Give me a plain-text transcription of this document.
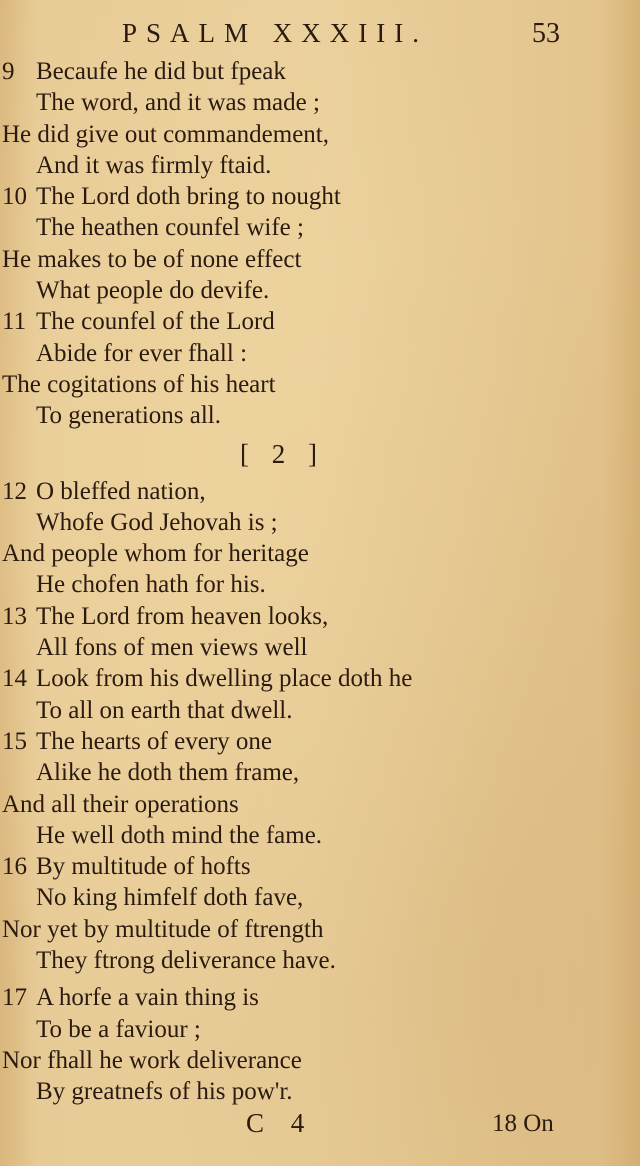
PSALM XXXIII.	53
9 Becaufe he did but fpeak
The word, and it was made ;
He did give out commandement,
And it was firmly ftaid.
10 The Lord doth bring to nought
The heathen counfel wife ;
He makes to be of none effect
What people do devife.
11 The counfel of the Lord
Abide for ever fhall :
The cogitations of his heart
To generations all.
[ 2 ]
12 O bleffed nation,
Whofe God Jehovah is ;
And people whom for heritage
He chofen hath for his.
13 The Lord from heaven looks,
All fons of men views well
14 Look from his dwelling place doth he
To all on earth that dwell.
15 The hearts of every one
Alike he doth them frame,
And all their operations
He well doth mind the fame.
16 By multitude of hofts
No king himfelf doth fave,
Nor yet by multitude of ftrength
They ftrong deliverance have.
17 A horfe a vain thing is
To be a faviour ;
Nor fhall he work deliverance
By greatnefs of his pow'r.
C 4	18 On
